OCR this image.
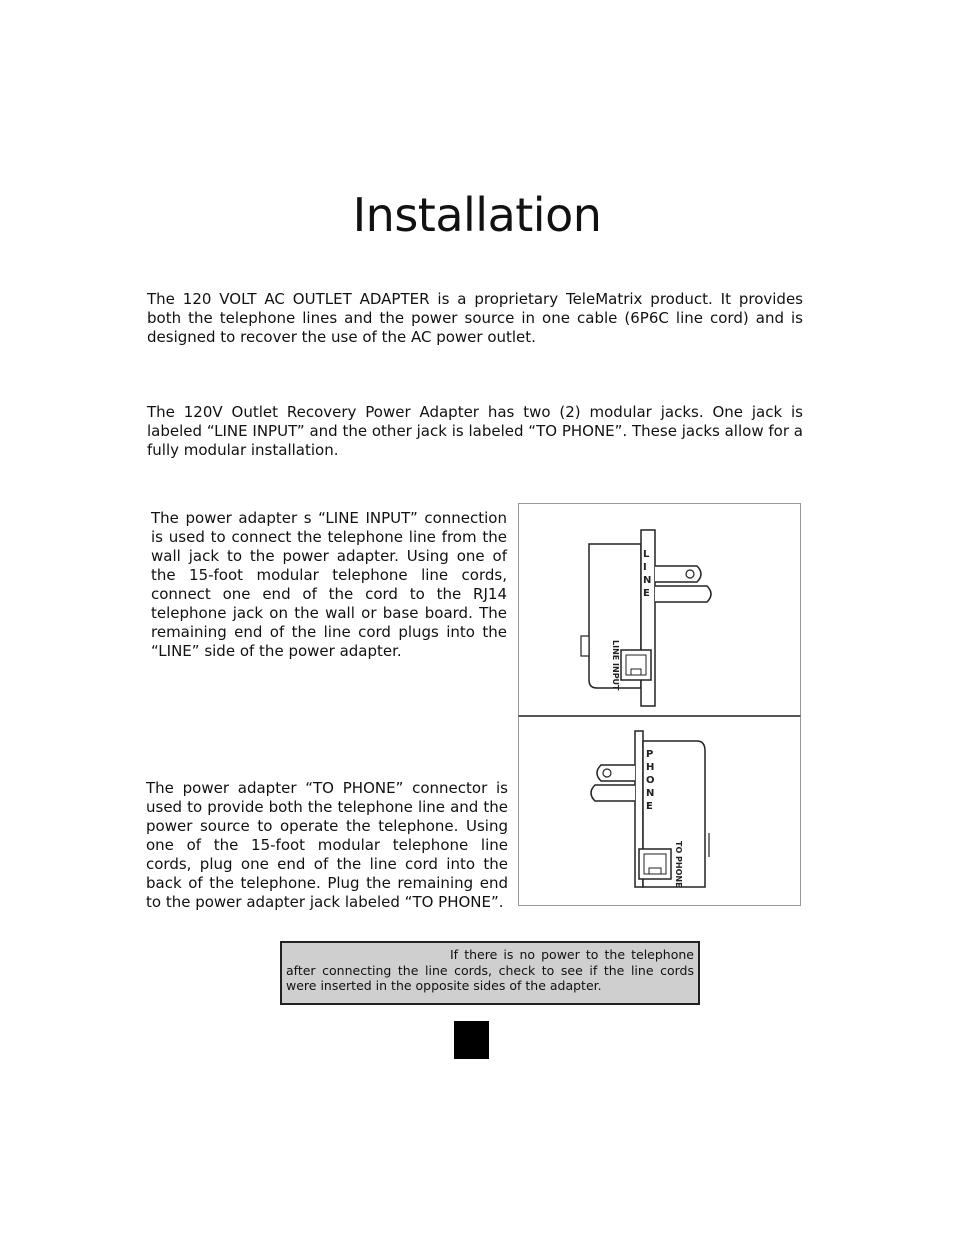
Installation

The 120 VOLT AC OUTLET ADAPTER is a proprietary TeleMatrix product. It provides both the telephone lines and the power source in one cable (6P6C line cord) and is designed to recover the use of the AC power outlet.

The 120V Outlet Recovery Power Adapter has two (2) modular jacks. One jack is labeled “LINE INPUT” and the other jack is labeled “TO PHONE”. These jacks allow for a fully modular installation.

The power adapter s “LINE INPUT” connection is used to connect the telephone line from the wall jack to the power adapter. Using one of the 15-foot modular telephone line cords, connect one end of the cord to the RJ14 telephone jack on the wall or base board. The remaining end of the line cord plugs into the “LINE” side of the power adapter.

The power adapter “TO PHONE” connector is used to provide both the telephone line and the power source to operate the telephone. Using one of the 15-foot modular telephone line cords, plug one end of the line cord into the back of the telephone. Plug the remaining end to the power adapter jack labeled “TO PHONE”.

L
I
N
E
LINE INPUT
P
H
O
N
E
TO PHONE
If there is no power to the telephone after connecting the line cords, check to see if the line cords were inserted in the opposite sides of the adapter.
